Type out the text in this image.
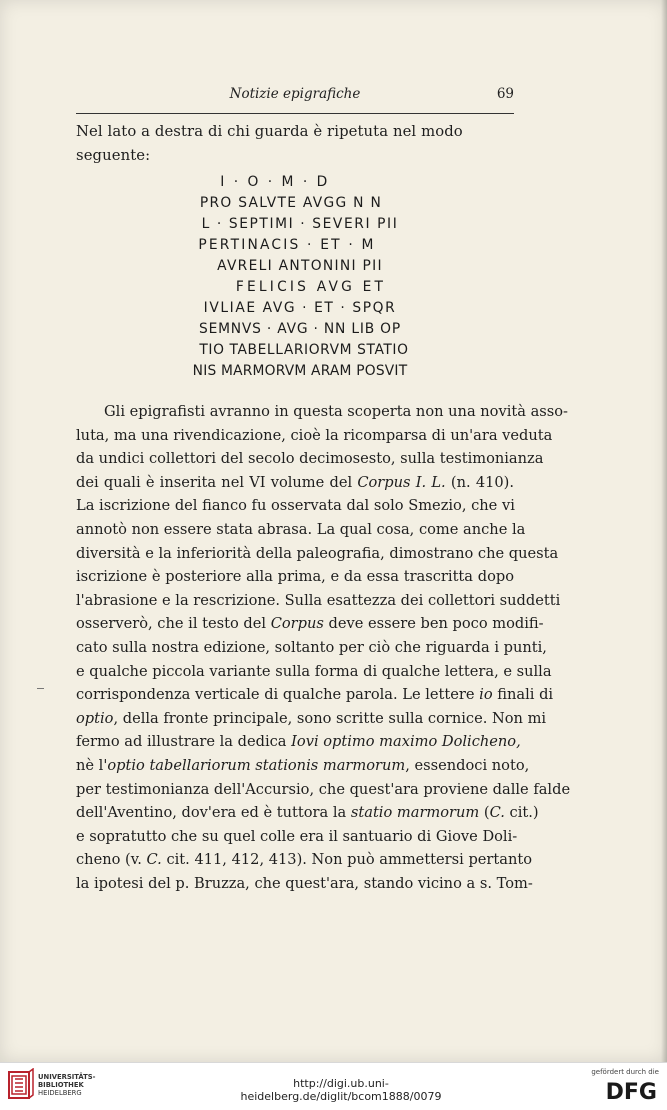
Notizie epigrafiche	69
Nel lato a destra di chi guarda è ripetuta nel modo seguente:
I · O · M · D
PRO SALVTE AVGG N N
L · SEPTIMI · SEVERI PII
PERTINACIS · ET · M
AVRELI ANTONINI PII
FELICIS AVG ET
IVLIAE AVG · ET · SPQR
SEMNVS · AVG · NN LIB OP
TIO TABELLARIORVM STATIO
NIS MARMORVM ARAM POSVIT
Gli epigrafisti avranno in questa scoperta non una novità asso-
luta, ma una rivendicazione, cioè la ricomparsa di un'ara veduta
da undici collettori del secolo decimosesto, sulla testimonianza
dei quali è inserita nel VI volume del Corpus I. L. (n. 410).
La iscrizione del fianco fu osservata dal solo Smezio, che vi
annotò non essere stata abrasa. La qual cosa, come anche la
diversità e la inferiorità della paleografia, dimostrano che questa
iscrizione è posteriore alla prima, e da essa trascritta dopo
l'abrasione e la rescrizione. Sulla esattezza dei collettori suddetti
osserverò, che il testo del Corpus deve essere ben poco modifi-
cato sulla nostra edizione, soltanto per ciò che riguarda i punti,
e qualche piccola variante sulla forma di qualche lettera, e sulla
corrispondenza verticale di qualche parola. Le lettere io finali di
optio, della fronte principale, sono scritte sulla cornice. Non mi
fermo ad illustrare la dedica Iovi optimo maximo Dolicheno,
nè l'optio tabellariorum stationis marmorum, essendoci noto,
per testimonianza dell'Accursio, che quest'ara proviene dalle falde
dell'Aventino, dov'era ed è tuttora la statio marmorum (C. cit.)
e sopratutto che su quel colle era il santuario di Giove Doli-
cheno (v. C. cit. 411, 412, 413). Non può ammettersi pertanto
la ipotesi del p. Bruzza, che quest'ara, stando vicino a s. Tom-
UNIVERSITÄTS-
BIBLIOTHEK
HEIDELBERG
http://digi.ub.uni-heidelberg.de/diglit/bcom1888/0079
gefördert durch die
DFG
